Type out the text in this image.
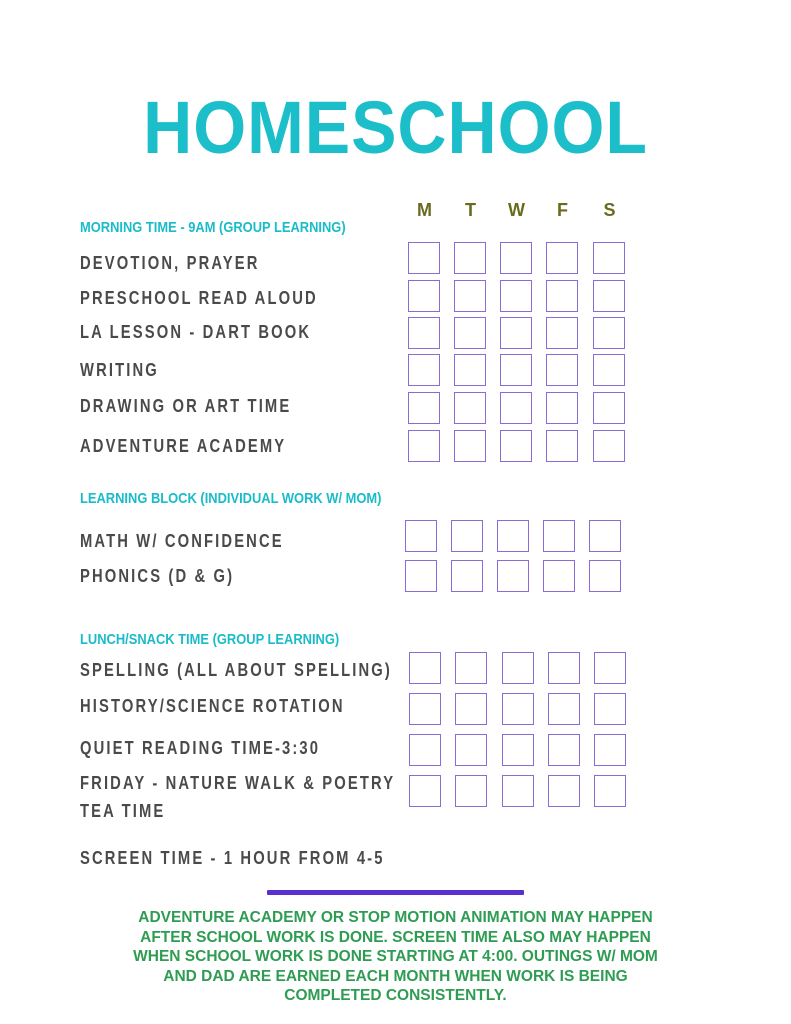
HOMESCHOOL
M	T	W	F	S
MORNING TIME - 9AM (GROUP LEARNING)
DEVOTION, PRAYER
PRESCHOOL READ ALOUD
LA LESSON - DART BOOK
WRITING
DRAWING OR ART TIME
ADVENTURE ACADEMY
LEARNING BLOCK (INDIVIDUAL WORK W/ MOM)
MATH W/ CONFIDENCE
PHONICS (D & G)
LUNCH/SNACK TIME (GROUP LEARNING)
SPELLING (ALL ABOUT SPELLING)
HISTORY/SCIENCE ROTATION
QUIET READING TIME-3:30
FRIDAY - NATURE WALK & POETRY
TEA TIME
SCREEN TIME - 1 HOUR FROM 4-5
ADVENTURE ACADEMY OR STOP MOTION ANIMATION MAY HAPPEN
AFTER SCHOOL WORK IS DONE. SCREEN TIME ALSO MAY HAPPEN
WHEN SCHOOL WORK IS DONE STARTING AT 4:00. OUTINGS W/ MOM
AND DAD ARE EARNED EACH MONTH WHEN WORK IS BEING
COMPLETED CONSISTENTLY.
